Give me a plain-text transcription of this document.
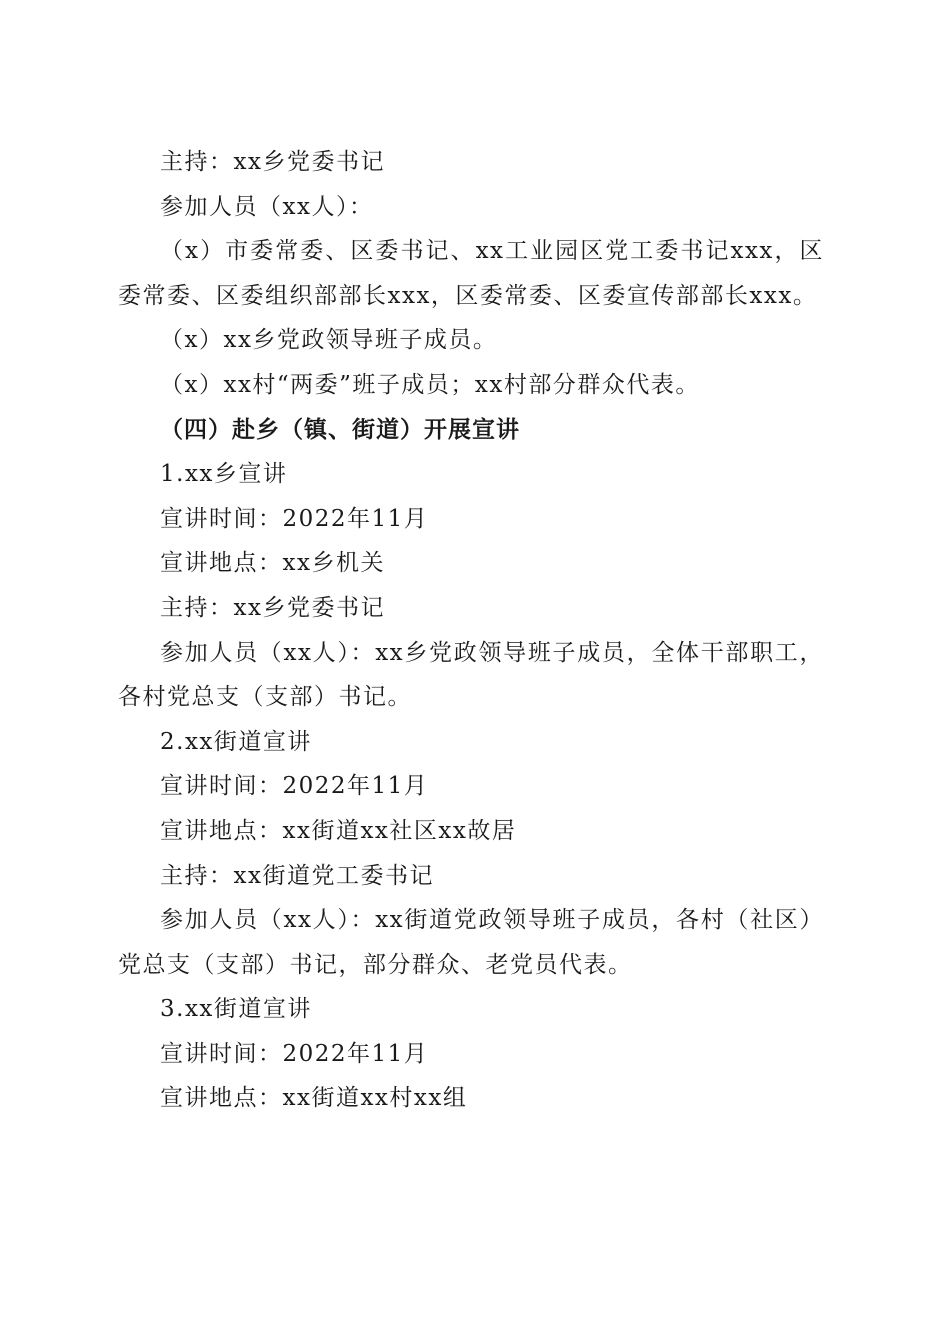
主持：xx乡党委书记

参加人员（xx人）：

（x）市委常委、区委书记、xx工业园区党工委书记xxx，区委常委、区委组织部部长xxx，区委常委、区委宣传部部长xxx。

（x）xx乡党政领导班子成员。

（x）xx村“两委”班子成员；xx村部分群众代表。

（四）赴乡（镇、街道）开展宣讲

1.xx乡宣讲

宣讲时间：2022年11月

宣讲地点：xx乡机关

主持：xx乡党委书记

参加人员（xx人）：xx乡党政领导班子成员，全体干部职工，各村党总支（支部）书记。

2.xx街道宣讲

宣讲时间：2022年11月

宣讲地点：xx街道xx社区xx故居

主持：xx街道党工委书记

参加人员（xx人）：xx街道党政领导班子成员，各村（社区）党总支（支部）书记，部分群众、老党员代表。

3.xx街道宣讲

宣讲时间：2022年11月

宣讲地点：xx街道xx村xx组
